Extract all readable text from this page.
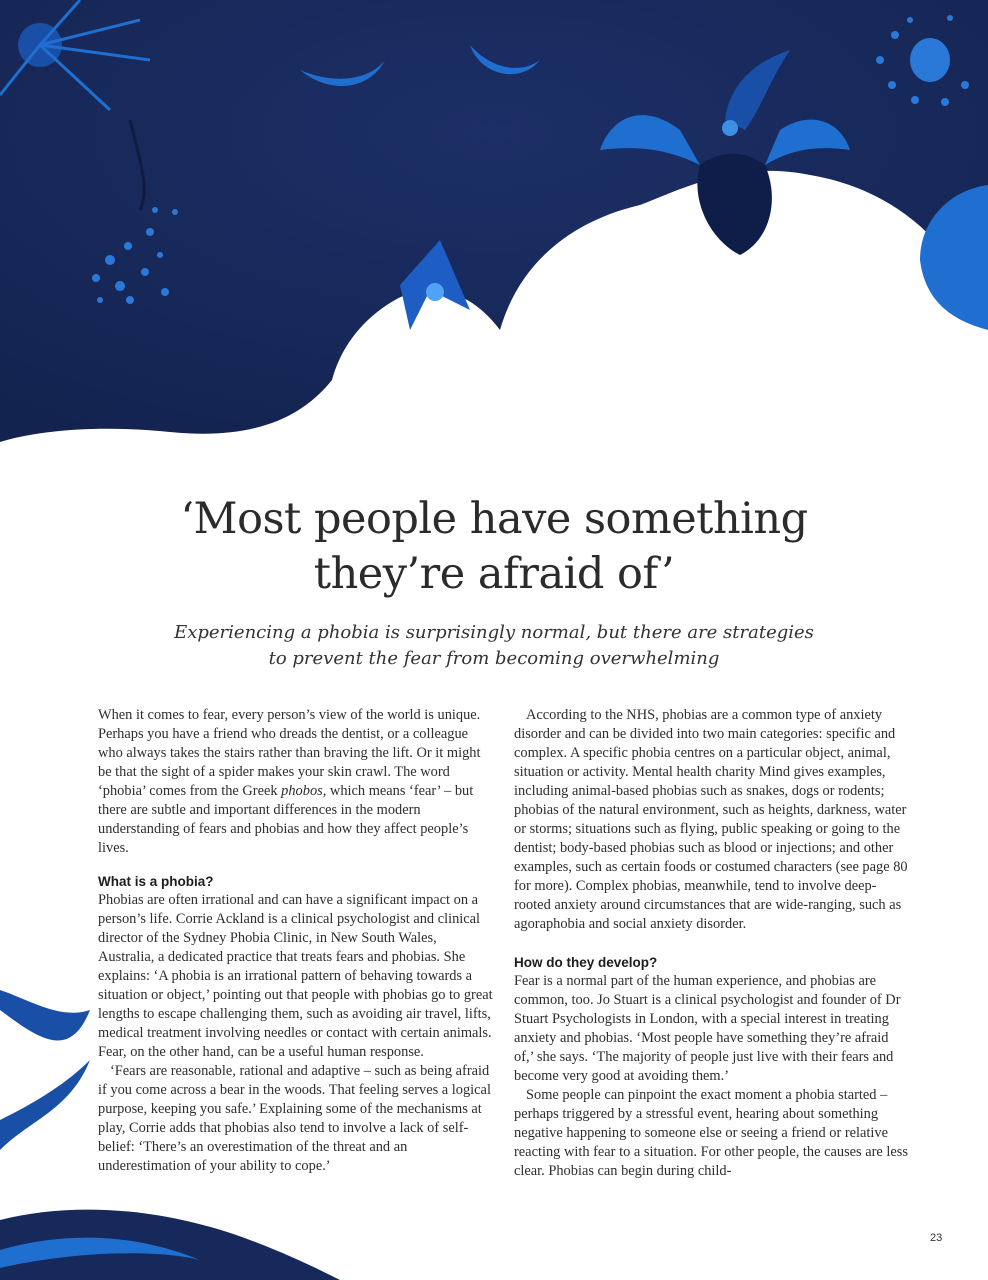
‘Most people have something
they’re afraid of’

Experiencing a phobia is surprisingly normal, but there are strategies
to prevent the fear from becoming overwhelming

When it comes to fear, every person’s view of the world is unique. Perhaps you have a friend who dreads the dentist, or a colleague who always takes the stairs rather than braving the lift. Or it might be that the sight of a spider makes your skin crawl. The word ‘phobia’ comes from the Greek phobos, which means ‘fear’ – but there are subtle and important differences in the modern understanding of fears and phobias and how they affect people’s lives.

What is a phobia?

Phobias are often irrational and can have a significant impact on a person’s life. Corrie Ackland is a clinical psychologist and clinical director of the Sydney Phobia Clinic, in New South Wales, Australia, a dedicated practice that treats fears and phobias. She explains: ‘A phobia is an irrational pattern of behaving towards a situation or object,’ pointing out that people with phobias go to great lengths to escape challenging them, such as avoiding air travel, lifts, medical treatment involving needles or contact with certain animals. Fear, on the other hand, can be a useful human response.

‘Fears are reasonable, rational and adaptive – such as being afraid if you come across a bear in the woods. That feeling serves a logical purpose, keeping you safe.’ Explaining some of the mechanisms at play, Corrie adds that phobias also tend to involve a lack of self-belief: ‘There’s an overestimation of the threat and an underestimation of your ability to cope.’

According to the NHS, phobias are a common type of anxiety disorder and can be divided into two main categories: specific and complex. A specific phobia centres on a particular object, animal, situation or activity. Mental health charity Mind gives examples, including animal-based phobias such as snakes, dogs or rodents; phobias of the natural environment, such as heights, darkness, water or storms; situations such as flying, public speaking or going to the dentist; body-based phobias such as blood or injections; and other examples, such as certain foods or costumed characters (see page 80 for more). Complex phobias, meanwhile, tend to involve deep-rooted anxiety around circumstances that are wide-ranging, such as agoraphobia and social anxiety disorder.

How do they develop?

Fear is a normal part of the human experience, and phobias are common, too. Jo Stuart is a clinical psychologist and founder of Dr Stuart Psychologists in London, with a special interest in treating anxiety and phobias. ‘Most people have something they’re afraid of,’ she says. ‘The majority of people just live with their fears and become very good at avoiding them.’

Some people can pinpoint the exact moment a phobia started – perhaps triggered by a stressful event, hearing about something negative happening to someone else or seeing a friend or relative reacting with fear to a situation. For other people, the causes are less clear. Phobias can begin during child-

23
